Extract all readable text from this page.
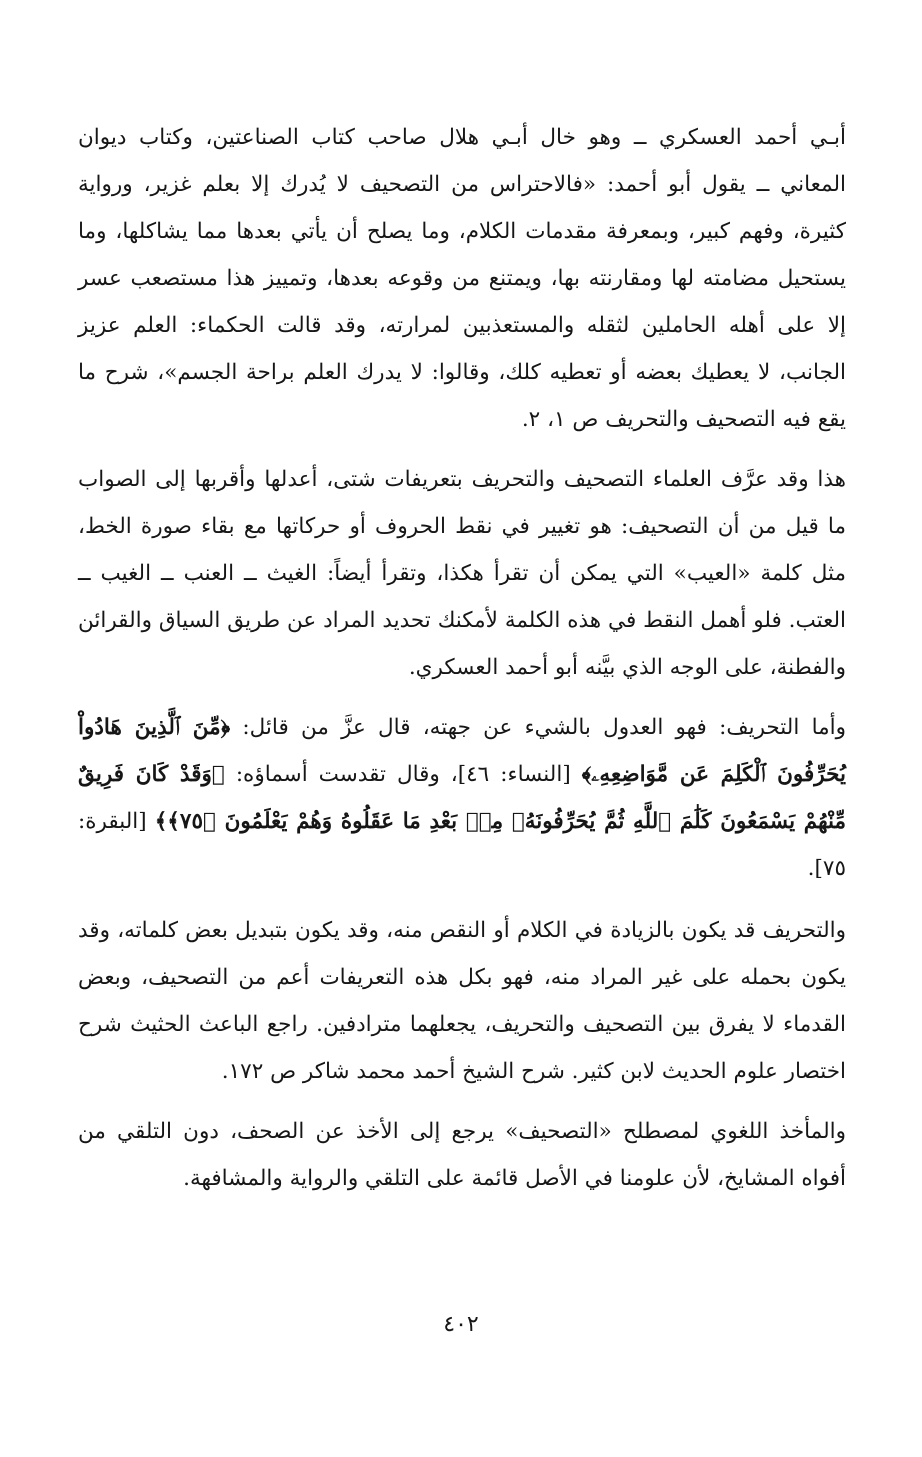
أبـي أحمد العسكري ــ وهو خال أبـي هلال صاحب كتاب الصناعتين، وكتاب ديوان المعاني ــ يقول أبو أحمد: «فالاحتراس من التصحيف لا يُدرك إلا بعلم غزير، ورواية كثيرة، وفهم كبير، وبمعرفة مقدمات الكلام، وما يصلح أن يأتي بعدها مما يشاكلها، وما يستحيل مضامته لها ومقارنته بها، ويمتنع من وقوعه بعدها، وتمييز هذا مستصعب عسر إلا على أهله الحاملين لثقله والمستعذبين لمرارته، وقد قالت الحكماء: العلم عزيز الجانب، لا يعطيك بعضه أو تعطيه كلك، وقالوا: لا يدرك العلم براحة الجسم»، شرح ما يقع فيه التصحيف والتحريف ص ١، ٢.

هذا وقد عرَّف العلماء التصحيف والتحريف بتعريفات شتى، أعدلها وأقربها إلى الصواب ما قيل من أن التصحيف: هو تغيير في نقط الحروف أو حركاتها مع بقاء صورة الخط، مثل كلمة «العيب» التي يمكن أن تقرأ هكذا، وتقرأ أيضاً: الغيث ــ العنب ــ الغيب ــ العتب. فلو أهمل النقط في هذه الكلمة لأمكنك تحديد المراد عن طريق السياق والقرائن والفطنة، على الوجه الذي بيَّنه أبو أحمد العسكري.

وأما التحريف: فهو العدول بالشيء عن جهته، قال عزَّ من قائل: ﴿مِّنَ ٱلَّذِينَ هَادُواْ يُحَرِّفُونَ ٱلْكَلِمَ عَن مَّوَاضِعِهِۦ﴾ [النساء: ٤٦]، وقال تقدست أسماؤه: ﴿وَقَدْ كَانَ فَرِيقٌ مِّنْهُمْ يَسْمَعُونَ كَلَٰمَ ٱللَّهِ ثُمَّ يُحَرِّفُونَهُۥ مِنۢ بَعْدِ مَا عَقَلُوهُ وَهُمْ يَعْلَمُونَ ﴿٧٥﴾﴾ [البقرة: ٧٥].

والتحريف قد يكون بالزيادة في الكلام أو النقص منه، وقد يكون بتبديل بعض كلماته، وقد يكون بحمله على غير المراد منه، فهو بكل هذه التعريفات أعم من التصحيف، وبعض القدماء لا يفرق بين التصحيف والتحريف، يجعلهما مترادفين. راجع الباعث الحثيث شرح اختصار علوم الحديث لابن كثير. شرح الشيخ أحمد محمد شاكر ص ١٧٢.

والمأخذ اللغوي لمصطلح «التصحيف» يرجع إلى الأخذ عن الصحف، دون التلقي من أفواه المشايخ، لأن علومنا في الأصل قائمة على التلقي والرواية والمشافهة.

٤٠٢
